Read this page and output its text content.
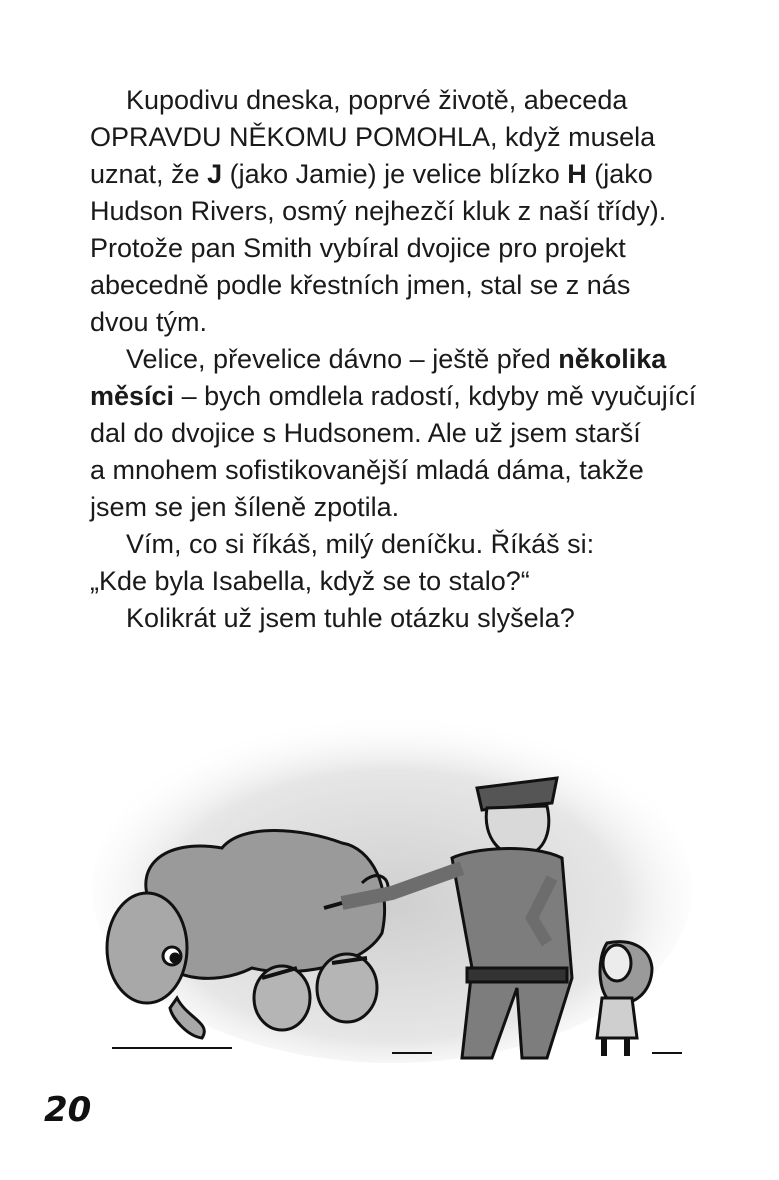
Kupodivu dneska, poprvé životě, abeceda
OPRAVDU NĚKOMU POMOHLA, když musela
uznat, že J (jako Jamie) je velice blízko H (jako
Hudson Rivers, osmý nejhezčí kluk z naší třídy).
Protože pan Smith vybíral dvojice pro projekt
abecedně podle křestních jmen, stal se z nás
dvou tým.
Velice, převelice dávno – ještě před několika
měsíci – bych omdlela radostí, kdyby mě vyučující
dal do dvojice s Hudsonem. Ale už jsem starší
a mnohem sofistikovanější mladá dáma, takže
jsem se jen šíleně zpotila.
Vím, co si říkáš, milý deníčku. Říkáš si:
„Kde byla Isabella, když se to stalo?“
Kolikrát už jsem tuhle otázku slyšela?
20
